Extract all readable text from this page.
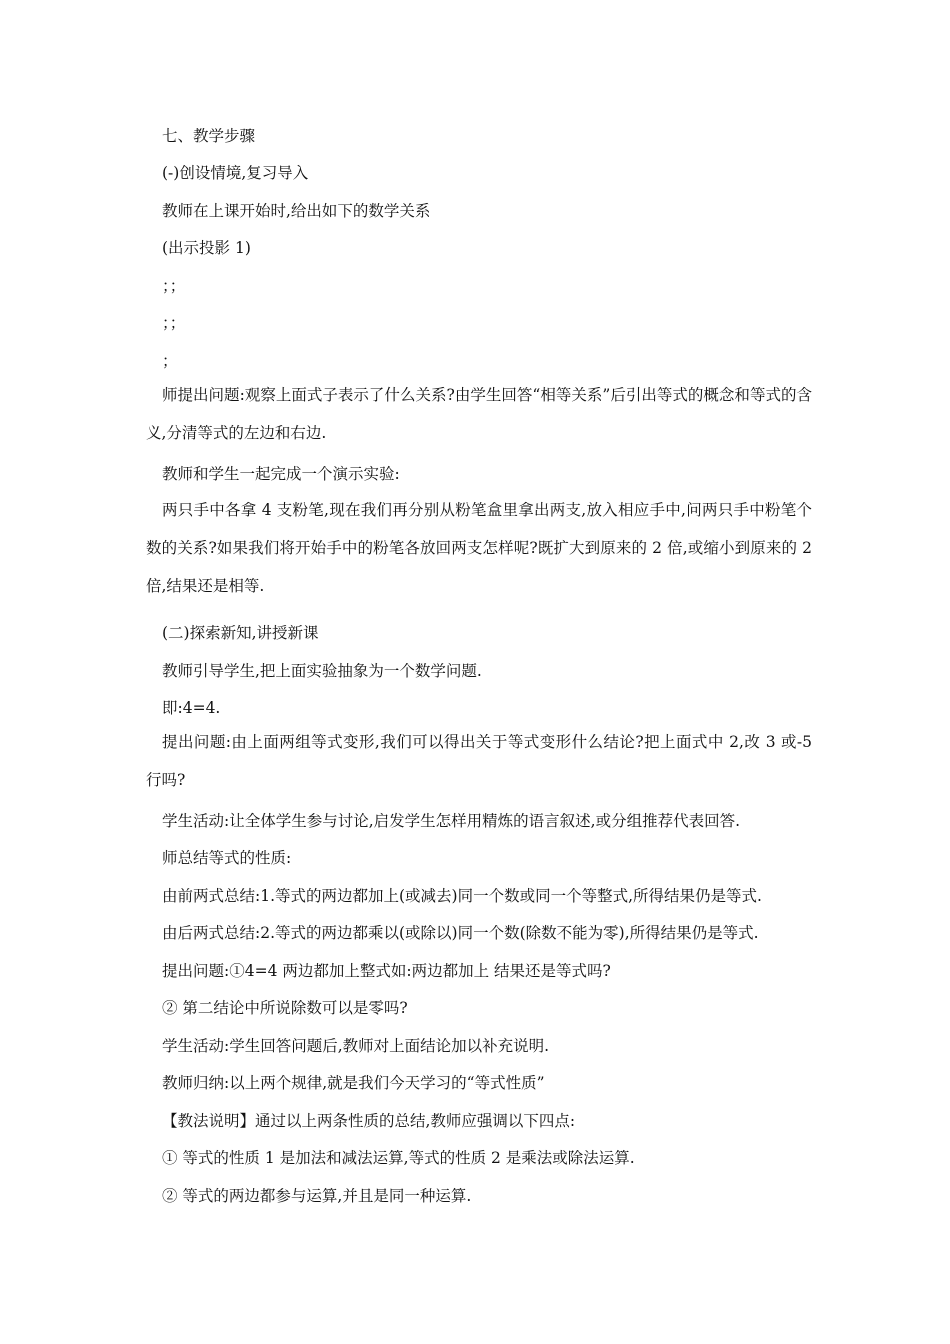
七、教学步骤
(-)创设情境,复习导入
教师在上课开始时,给出如下的数学关系
(出示投影 1)
；；
；；
；
师提出问题:观察上面式子表示了什么关系?由学生回答“相等关系”后引出等式的概念和等式的含义,分清等式的左边和右边.
教师和学生一起完成一个演示实验:
两只手中各拿 4 支粉笔,现在我们再分别从粉笔盒里拿出两支,放入相应手中,问两只手中粉笔个数的关系?如果我们将开始手中的粉笔各放回两支怎样呢?既扩大到原来的 2 倍,或缩小到原来的 2 倍,结果还是相等.
(二)探索新知,讲授新课
教师引导学生,把上面实验抽象为一个数学问题.
即:4=4.
提出问题:由上面两组等式变形,我们可以得出关于等式变形什么结论?把上面式中 2,改 3 或-5 行吗?
学生活动:让全体学生参与讨论,启发学生怎样用精炼的语言叙述,或分组推荐代表回答.
师总结等式的性质:
由前两式总结:1.等式的两边都加上(或减去)同一个数或同一个等整式,所得结果仍是等式.
由后两式总结:2.等式的两边都乘以(或除以)同一个数(除数不能为零),所得结果仍是等式.
提出问题:①4=4 两边都加上整式如:两边都加上 结果还是等式吗?
② 第二结论中所说除数可以是零吗?
学生活动:学生回答问题后,教师对上面结论加以补充说明.
教师归纳:以上两个规律,就是我们今天学习的“等式性质”
【教法说明】通过以上两条性质的总结,教师应强调以下四点:
① 等式的性质 1 是加法和减法运算,等式的性质 2 是乘法或除法运算.
② 等式的两边都参与运算,并且是同一种运算.
